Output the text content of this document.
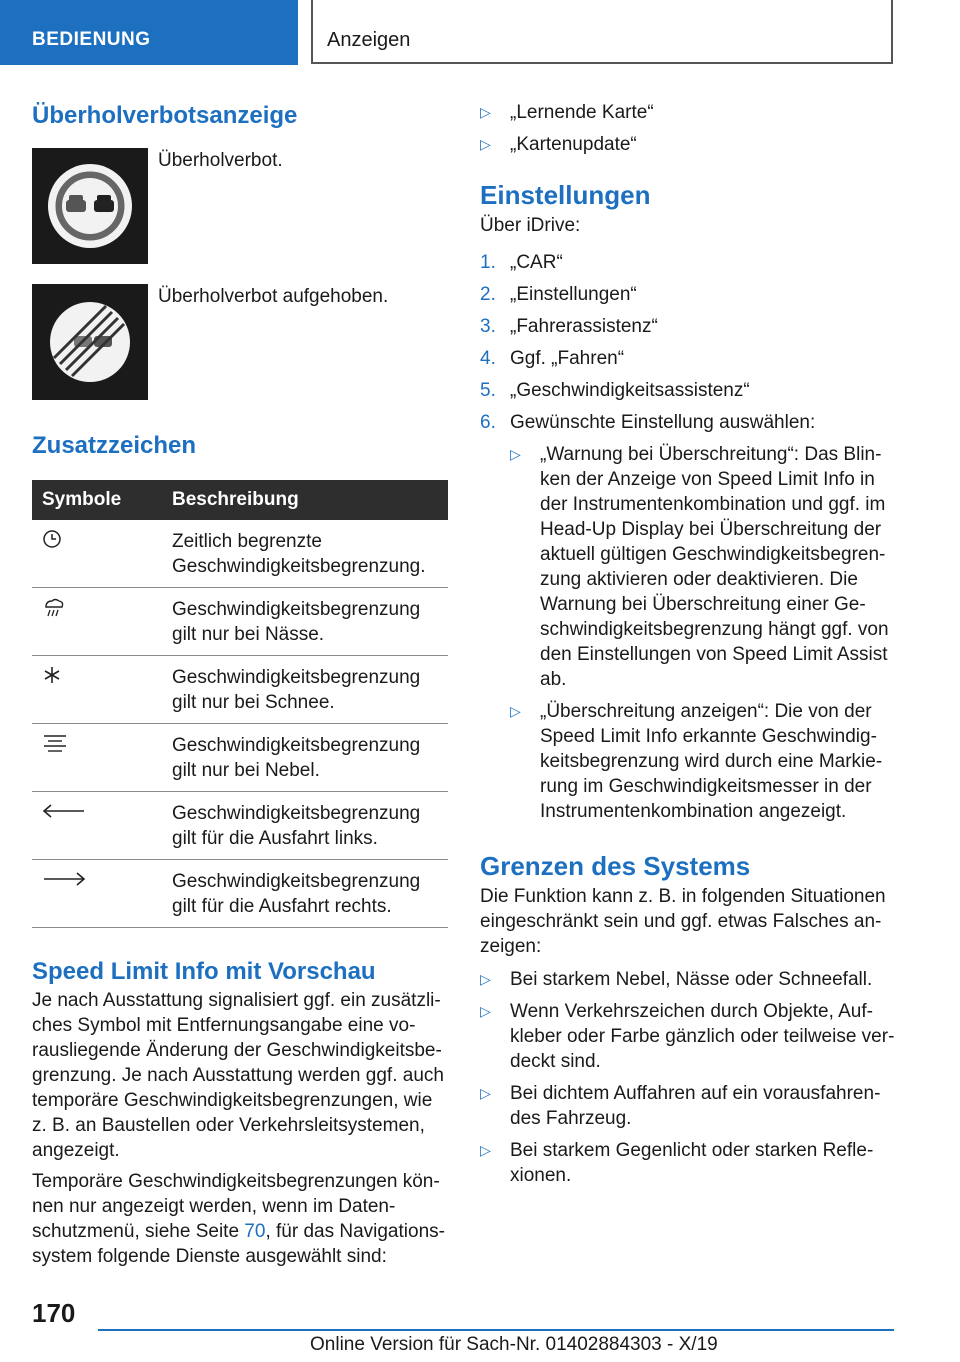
BEDIENUNG	Anzeigen
Überholverbotsanzeige
Überholverbot.
Überholverbot aufgehoben.
Zusatzzeichen
Symbole	Beschreibung
	Zeitlich begrenzte Geschwindigkeitsbegrenzung.
	Geschwindigkeitsbegrenzung gilt nur bei Nässe.
	Geschwindigkeitsbegrenzung gilt nur bei Schnee.
	Geschwindigkeitsbegrenzung gilt nur bei Nebel.
	Geschwindigkeitsbegrenzung gilt für die Ausfahrt links.
	Geschwindigkeitsbegrenzung gilt für die Ausfahrt rechts.
Speed Limit Info mit Vorschau

Je nach Ausstattung signalisiert ggf. ein zusätzliches Symbol mit Entfernungsangabe eine vorausliegende Änderung der Geschwindigkeitsbegrenzung. Je nach Ausstattung werden ggf. auch temporäre Geschwindigkeitsbegrenzungen, wie z. B. an Baustellen oder Verkehrsleitsystemen, angezeigt.

Temporäre Geschwindigkeitsbegrenzungen können nur angezeigt werden, wenn im Datenschutzmenü, siehe Seite 70, für das Navigationssystem folgende Dienste ausgewählt sind:

▷ „Lernende Karte“
▷ „Kartenupdate“
Einstellungen

Über iDrive:

1. „CAR“
2. „Einstellungen“
3. „Fahrerassistenz“
4. Ggf. „Fahren“
5. „Geschwindigkeitsassistenz“
6. Gewünschte Einstellung auswählen:
▷ „Warnung bei Überschreitung“: Das Blinken der Anzeige von Speed Limit Info in der Instrumentenkombination und ggf. im Head-Up Display bei Überschreitung der aktuell gültigen Geschwindigkeitsbegrenzung aktivieren oder deaktivieren. Die Warnung bei Überschreitung einer Geschwindigkeitsbegrenzung hängt ggf. von den Einstellungen von Speed Limit Assist ab.
▷ „Überschreitung anzeigen“: Die von der Speed Limit Info erkannte Geschwindigkeitsbegrenzung wird durch eine Markierung im Geschwindigkeitsmesser in der Instrumentenkombination angezeigt.
Grenzen des Systems

Die Funktion kann z. B. in folgenden Situationen eingeschränkt sein und ggf. etwas Falsches anzeigen:

▷ Bei starkem Nebel, Nässe oder Schneefall.
▷ Wenn Verkehrszeichen durch Objekte, Aufkleber oder Farbe gänzlich oder teilweise verdeckt sind.
▷ Bei dichtem Auffahren auf ein vorausfahrendes Fahrzeug.
▷ Bei starkem Gegenlicht oder starken Reflexionen.
170
Online Version für Sach-Nr. 01402884303 - X/19
